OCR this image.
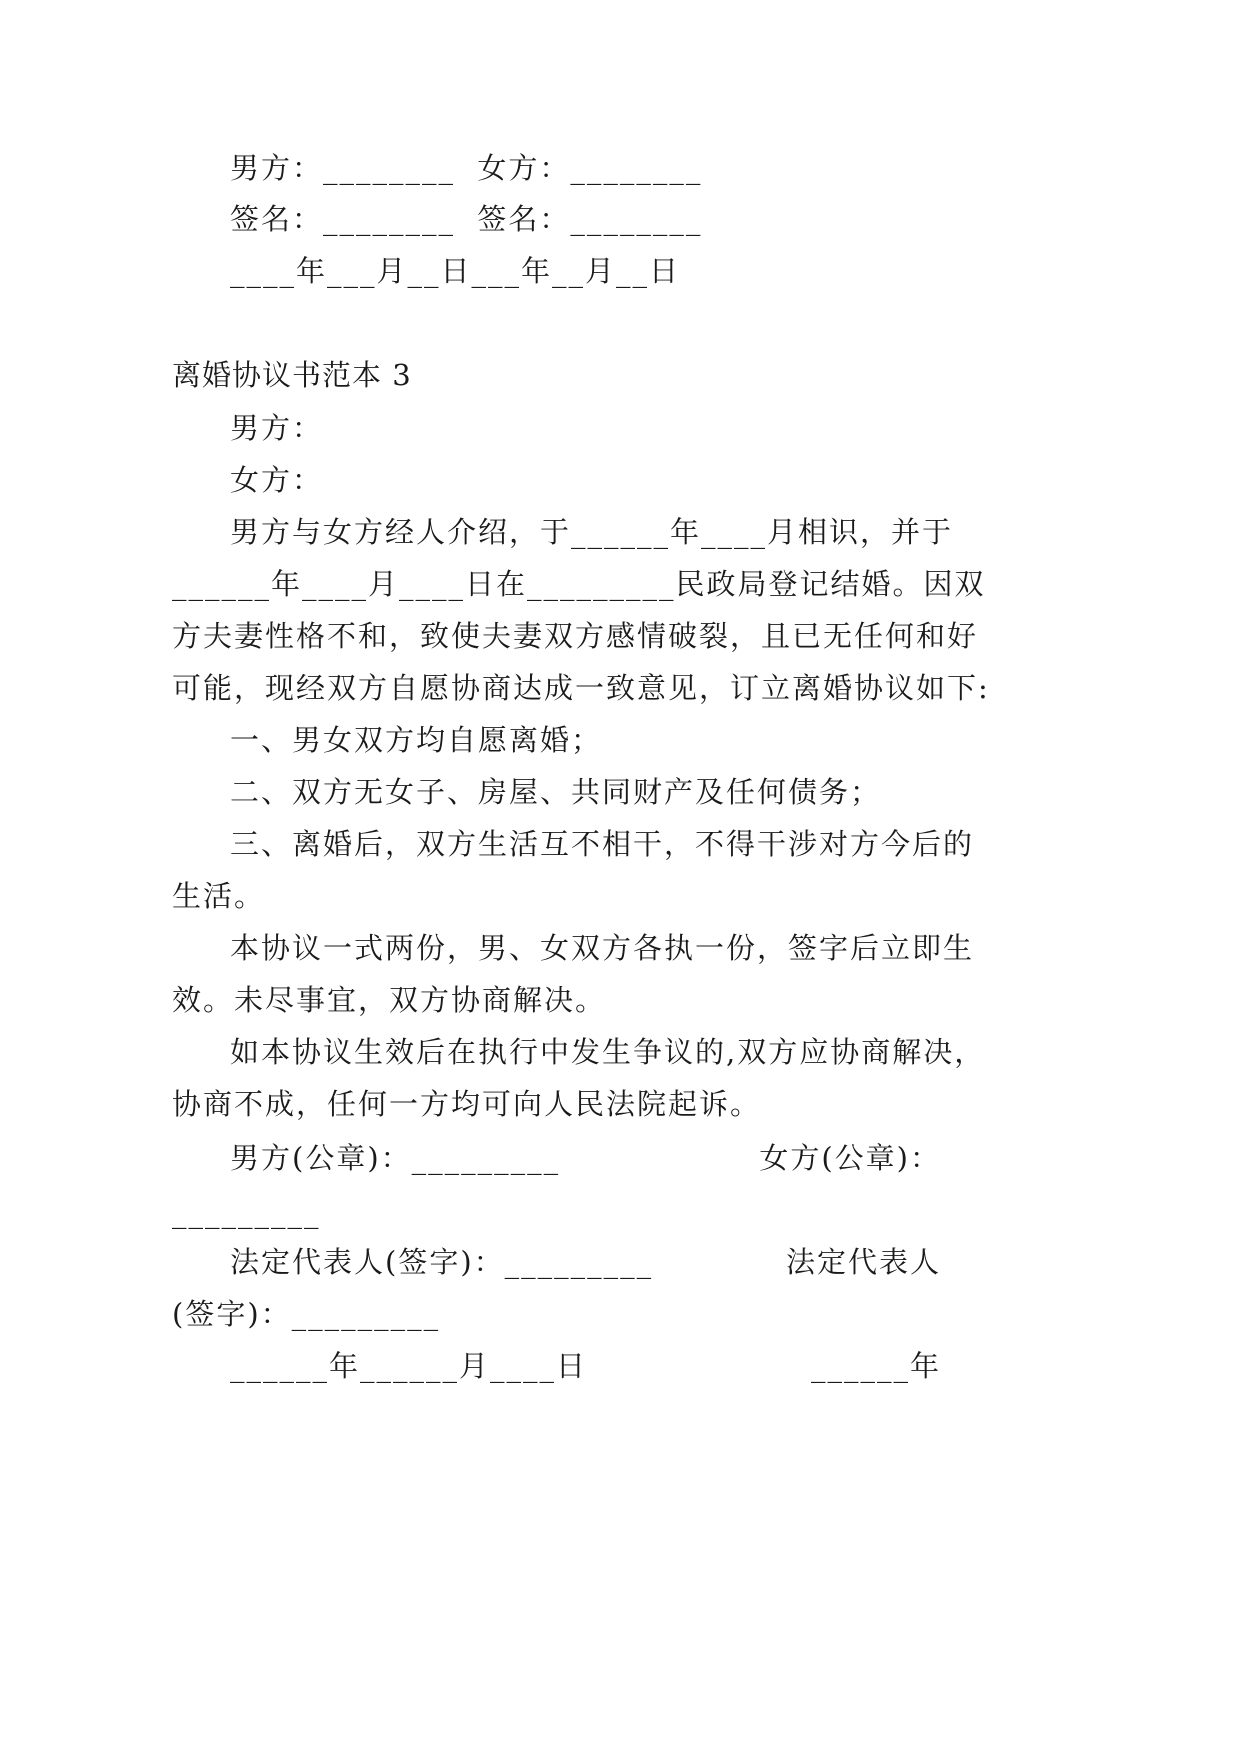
男方：________  女方：________
签名：________  签名：________
____年___月__日___年__月__日
离婚协议书范本 3
男方：
女方：
男方与女方经人介绍，于______年____月相识，并于
______年____月____日在_________民政局登记结婚。因双
方夫妻性格不和，致使夫妻双方感情破裂，且已无任何和好
可能，现经双方自愿协商达成一致意见，订立离婚协议如下:
一、男女双方均自愿离婚；
二、双方无女子、房屋、共同财产及任何债务；
三、离婚后，双方生活互不相干，不得干涉对方今后的
生活。
本协议一式两份，男、女双方各执一份，签字后立即生
效。未尽事宜，双方协商解决。
如本协议生效后在执行中发生争议的,双方应协商解决，
协商不成，任何一方均可向人民法院起诉。
男方(公章)：_________	女方(公章)：
_________
法定代表人(签字)：_________	法定代表人
(签字)：_________
______年______月____日	______年
